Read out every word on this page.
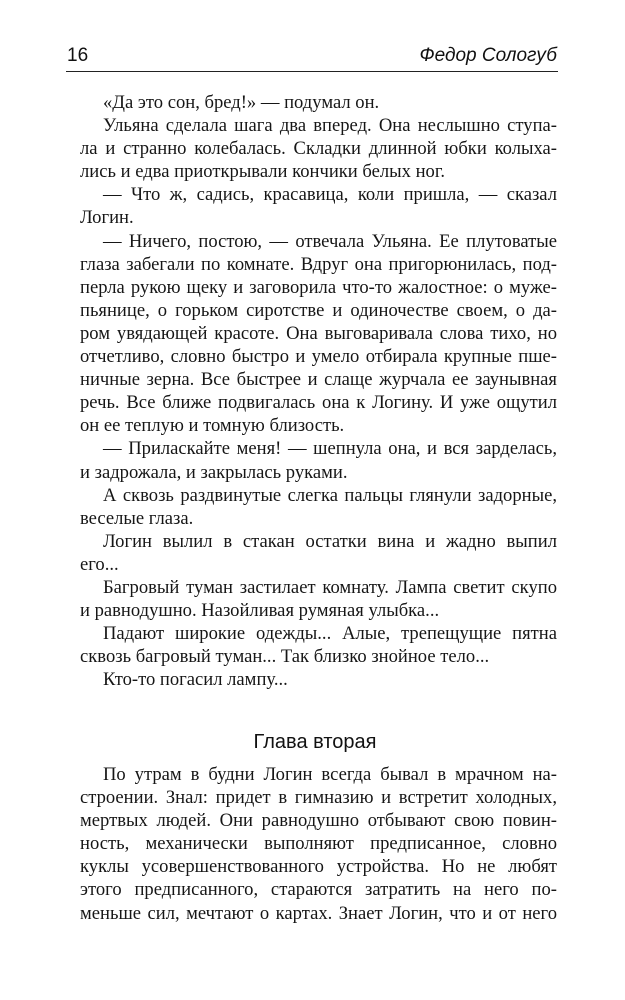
16	Федор Сологуб
«Да это сон, бред!» — подумал он.
Ульяна сделала шага два вперед. Она неслышно ступа-
ла и странно колебалась. Складки длинной юбки колыха-
лись и едва приоткрывали кончики белых ног.
— Что ж, садись, красавица, коли пришла, — сказал
Логин.
— Ничего, постою, — отвечала Ульяна. Ее плутоватые
глаза забегали по комнате. Вдруг она пригорюнилась, под-
перла рукою щеку и заговорила что-то жалостное: о муже-
пьянице, о горьком сиротстве и одиночестве своем, о да-
ром увядающей красоте. Она выговаривала слова тихо, но
отчетливо, словно быстро и умело отбирала крупные пше-
ничные зерна. Все быстрее и слаще журчала ее заунывная
речь. Все ближе подвигалась она к Логину. И уже ощутил
он ее теплую и томную близость.
— Приласкайте меня! — шепнула она, и вся зарделась,
и задрожала, и закрылась руками.
А сквозь раздвинутые слегка пальцы глянули задорные,
веселые глаза.
Логин вылил в стакан остатки вина и жадно выпил
его...
Багровый туман застилает комнату. Лампа светит скупо
и равнодушно. Назойливая румяная улыбка...
Падают широкие одежды... Алые, трепещущие пятна
сквозь багровый туман... Так близко знойное тело...
Кто-то погасил лампу...
Глава вторая
По утрам в будни Логин всегда бывал в мрачном на-
строении. Знал: придет в гимназию и встретит холодных,
мертвых людей. Они равнодушно отбывают свою повин-
ность, механически выполняют предписанное, словно
куклы усовершенствованного устройства. Но не любят
этого предписанного, стараются затратить на него по-
меньше сил, мечтают о картах. Знает Логин, что и от него
